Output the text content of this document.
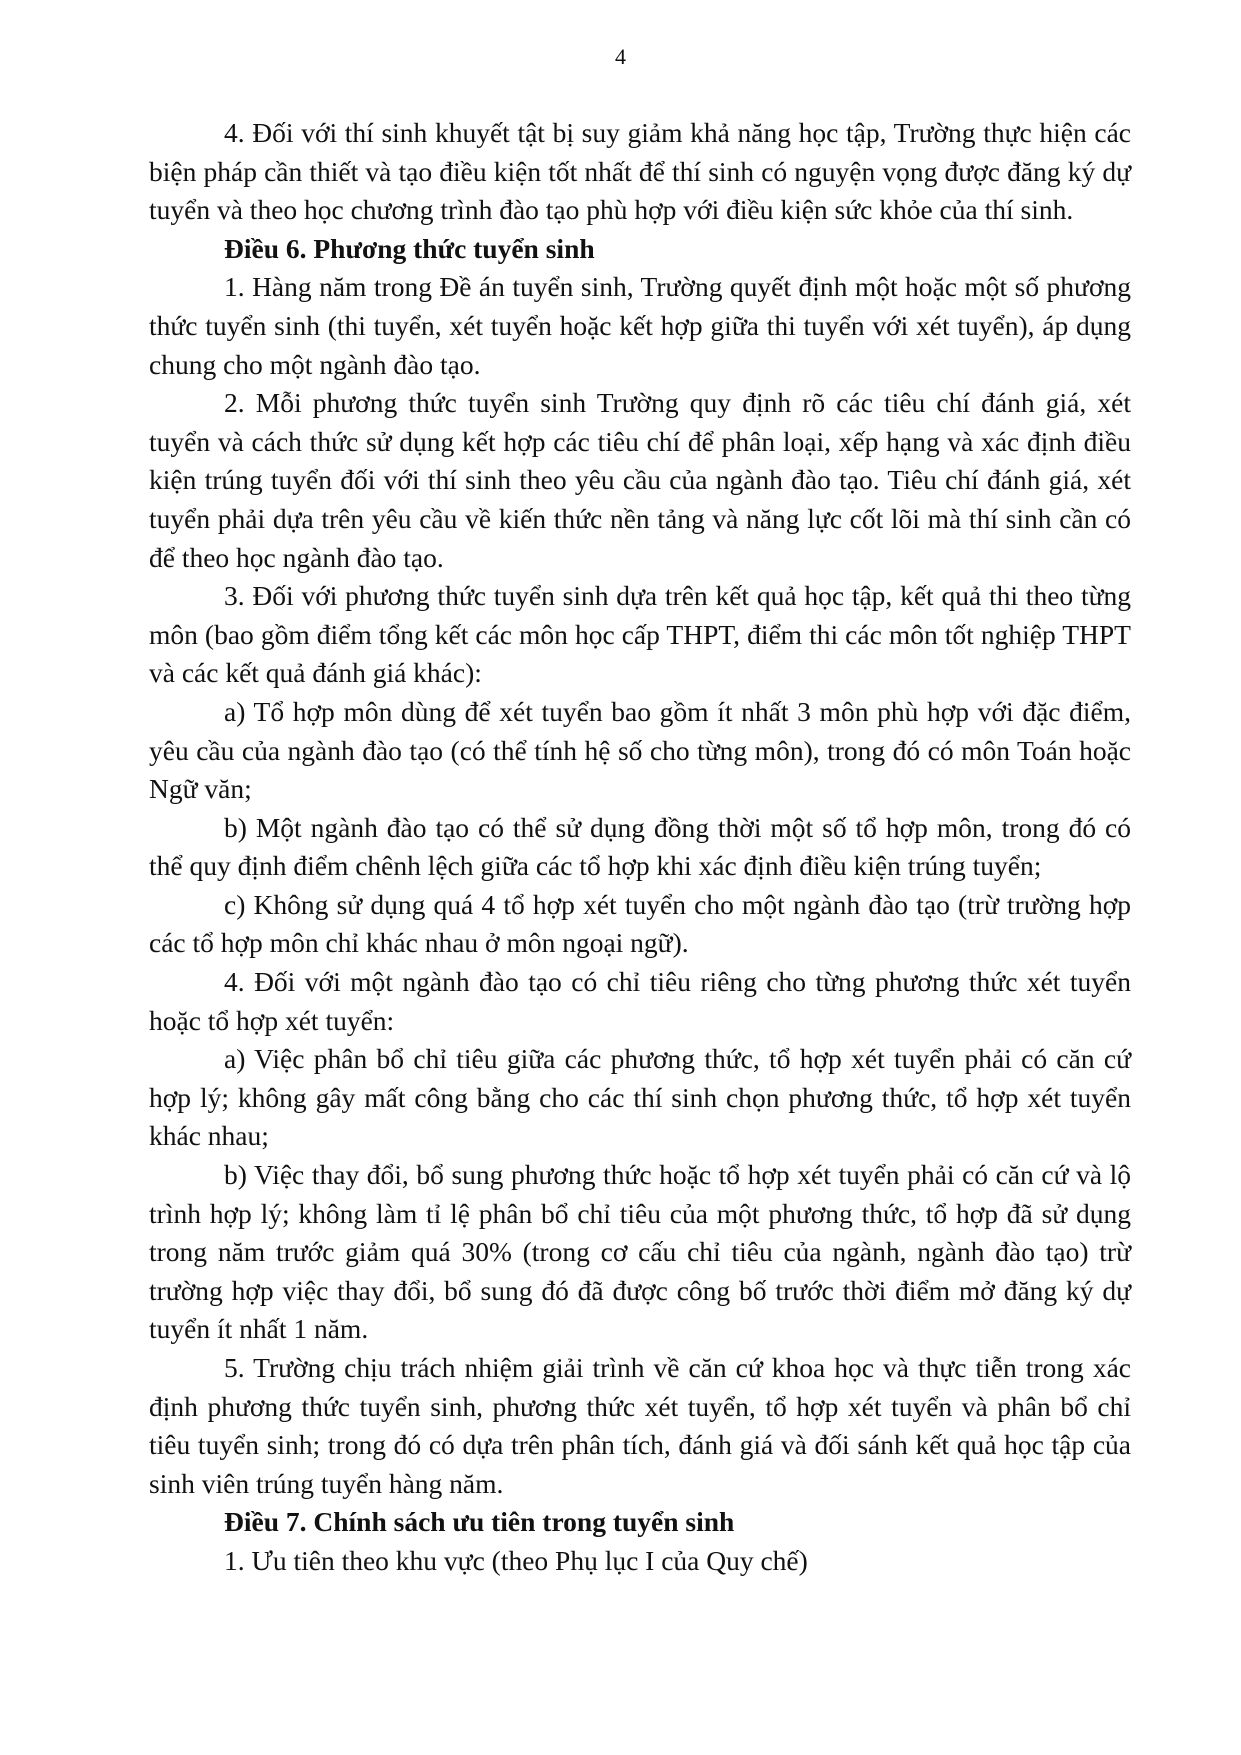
4

4. Đối với thí sinh khuyết tật bị suy giảm khả năng học tập, Trường thực hiện các biện pháp cần thiết và tạo điều kiện tốt nhất để thí sinh có nguyện vọng được đăng ký dự tuyển và theo học chương trình đào tạo phù hợp với điều kiện sức khỏe của thí sinh.

Điều 6. Phương thức tuyển sinh

1. Hàng năm trong Đề án tuyển sinh, Trường quyết định một hoặc một số phương thức tuyển sinh (thi tuyển, xét tuyển hoặc kết hợp giữa thi tuyển với xét tuyển), áp dụng chung cho một ngành đào tạo.

2. Mỗi phương thức tuyển sinh Trường quy định rõ các tiêu chí đánh giá, xét tuyển và cách thức sử dụng kết hợp các tiêu chí để phân loại, xếp hạng và xác định điều kiện trúng tuyển đối với thí sinh theo yêu cầu của ngành đào tạo. Tiêu chí đánh giá, xét tuyển phải dựa trên yêu cầu về kiến thức nền tảng và năng lực cốt lõi mà thí sinh cần có để theo học ngành đào tạo.

3. Đối với phương thức tuyển sinh dựa trên kết quả học tập, kết quả thi theo từng môn (bao gồm điểm tổng kết các môn học cấp THPT, điểm thi các môn tốt nghiệp THPT và các kết quả đánh giá khác):

a) Tổ hợp môn dùng để xét tuyển bao gồm ít nhất 3 môn phù hợp với đặc điểm, yêu cầu của ngành đào tạo (có thể tính hệ số cho từng môn), trong đó có môn Toán hoặc Ngữ văn;

b) Một ngành đào tạo có thể sử dụng đồng thời một số tổ hợp môn, trong đó có thể quy định điểm chênh lệch giữa các tổ hợp khi xác định điều kiện trúng tuyển;

c) Không sử dụng quá 4 tổ hợp xét tuyển cho một ngành đào tạo (trừ trường hợp các tổ hợp môn chỉ khác nhau ở môn ngoại ngữ).

4. Đối với một ngành đào tạo có chỉ tiêu riêng cho từng phương thức xét tuyển hoặc tổ hợp xét tuyển:

a) Việc phân bổ chỉ tiêu giữa các phương thức, tổ hợp xét tuyển phải có căn cứ hợp lý; không gây mất công bằng cho các thí sinh chọn phương thức, tổ hợp xét tuyển khác nhau;

b) Việc thay đổi, bổ sung phương thức hoặc tổ hợp xét tuyển phải có căn cứ và lộ trình hợp lý; không làm tỉ lệ phân bổ chỉ tiêu của một phương thức, tổ hợp đã sử dụng trong năm trước giảm quá 30% (trong cơ cấu chỉ tiêu của ngành, ngành đào tạo) trừ trường hợp việc thay đổi, bổ sung đó đã được công bố trước thời điểm mở đăng ký dự tuyển ít nhất 1 năm.

5. Trường chịu trách nhiệm giải trình về căn cứ khoa học và thực tiễn trong xác định phương thức tuyển sinh, phương thức xét tuyển, tổ hợp xét tuyển và phân bổ chỉ tiêu tuyển sinh; trong đó có dựa trên phân tích, đánh giá và đối sánh kết quả học tập của sinh viên trúng tuyển hàng năm.

Điều 7. Chính sách ưu tiên trong tuyển sinh

1. Ưu tiên theo khu vực (theo Phụ lục I của Quy chế)
